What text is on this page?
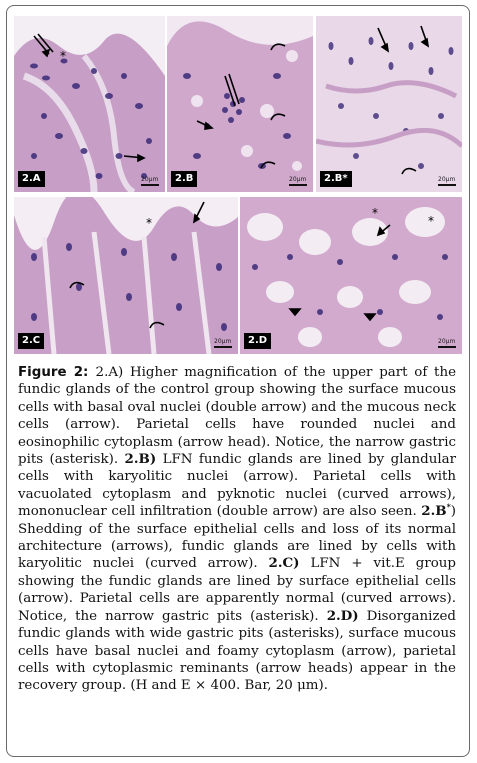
*
2.A	20μm	2.B	20μm	2.B*	20μm
*
2.C	20μm
*
*
2.D	20μm
Figure 2: 2.A) Higher magnification of the upper part of the fundic glands of the control group showing the surface mucous cells with basal oval nuclei (double arrow) and the mucous neck cells (arrow). Parietal cells have rounded nuclei and eosinophilic cytoplasm (arrow head). Notice, the narrow gastric pits (asterisk). 2.B) LFN fundic glands are lined by glandular cells with karyolitic nuclei (arrow). Parietal cells with vacuolated cytoplasm and pyknotic nuclei (curved arrows), mononuclear cell infiltration (double arrow) are also seen. 2.B*) Shedding of the surface epithelial cells and loss of its normal architecture (arrows), fundic glands are lined by cells with karyolitic nuclei (curved arrow). 2.C) LFN + vit.E group showing the fundic glands are lined by surface epithelial cells (arrow). Parietal cells are apparently normal (curved arrows). Notice, the narrow gastric pits (asterisk). 2.D) Disorganized fundic glands with wide gastric pits (asterisks), surface mucous cells have basal nuclei and foamy cytoplasm (arrow), parietal cells with cytoplasmic reminants (arrow heads) appear in the recovery group. (H and E × 400. Bar, 20 μm).
